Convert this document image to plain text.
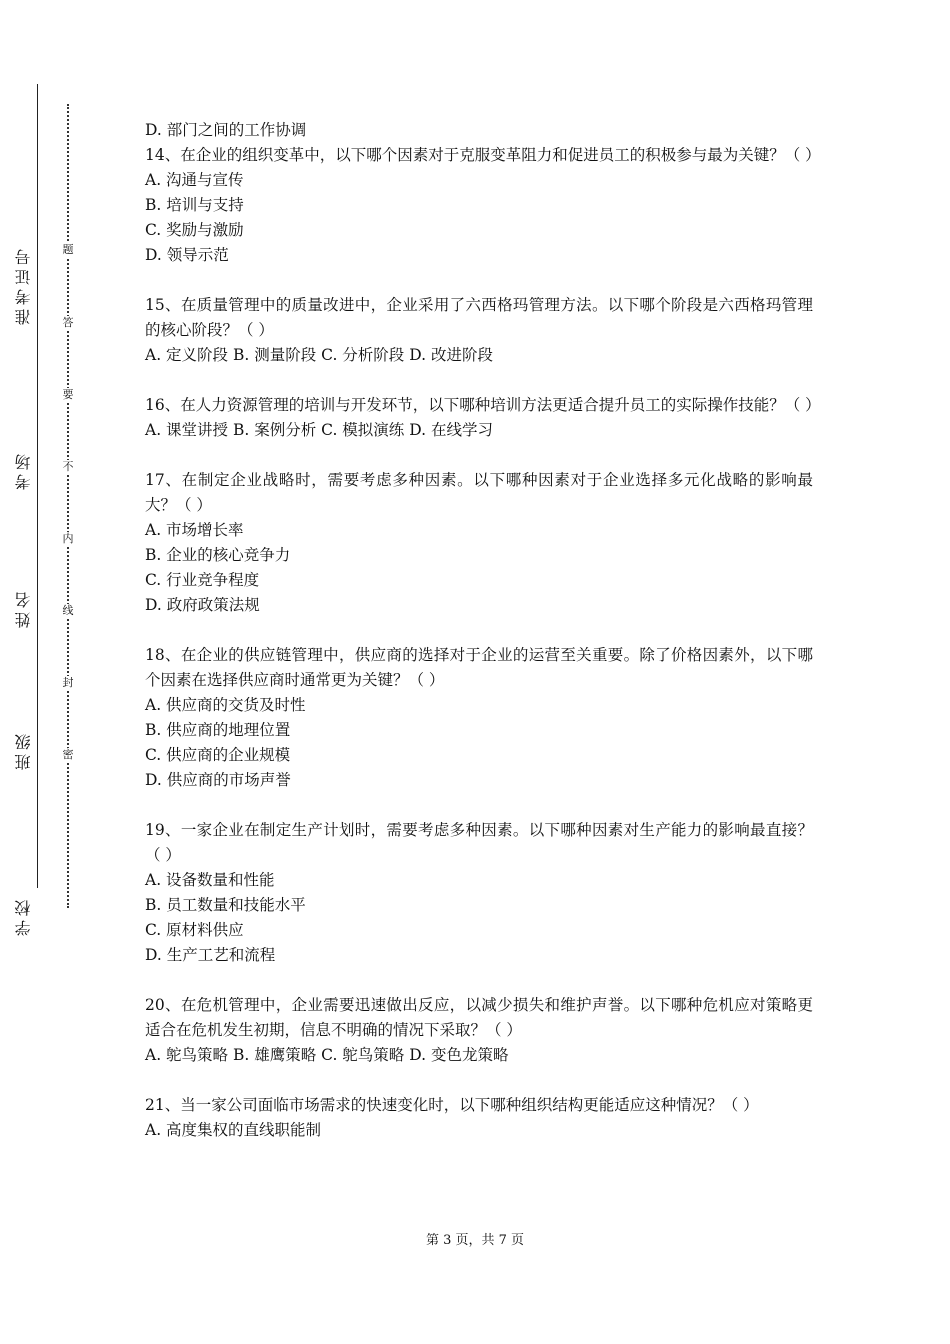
准考证号
考场
姓名
班级
学校
题
答
要
不
内
线
封
密

D. 部门之间的工作协调

14、在企业的组织变革中，以下哪个因素对于克服变革阻力和促进员工的积极参与最为关键？（ ）

A. 沟通与宣传

B. 培训与支持

C. 奖励与激励

D. 领导示范

15、在质量管理中的质量改进中，企业采用了六西格玛管理方法。以下哪个阶段是六西格玛管理的核心阶段？（ ）

A. 定义阶段 B. 测量阶段 C. 分析阶段 D. 改进阶段

16、在人力资源管理的培训与开发环节，以下哪种培训方法更适合提升员工的实际操作技能？（ ）

A. 课堂讲授 B. 案例分析 C. 模拟演练 D. 在线学习

17、在制定企业战略时，需要考虑多种因素。以下哪种因素对于企业选择多元化战略的影响最大？（ ）

A. 市场增长率

B. 企业的核心竞争力

C. 行业竞争程度

D. 政府政策法规

18、在企业的供应链管理中，供应商的选择对于企业的运营至关重要。除了价格因素外，以下哪个因素在选择供应商时通常更为关键？（ ）

A. 供应商的交货及时性

B. 供应商的地理位置

C. 供应商的企业规模

D. 供应商的市场声誉

19、一家企业在制定生产计划时，需要考虑多种因素。以下哪种因素对生产能力的影响最直接？（ ）

A. 设备数量和性能

B. 员工数量和技能水平

C. 原材料供应

D. 生产工艺和流程

20、在危机管理中，企业需要迅速做出反应，以减少损失和维护声誉。以下哪种危机应对策略更适合在危机发生初期，信息不明确的情况下采取？（ ）

A. 鸵鸟策略 B. 雄鹰策略 C. 鸵鸟策略 D. 变色龙策略

21、当一家公司面临市场需求的快速变化时，以下哪种组织结构更能适应这种情况？（ ）

A. 高度集权的直线职能制

第 3 页，共 7 页
